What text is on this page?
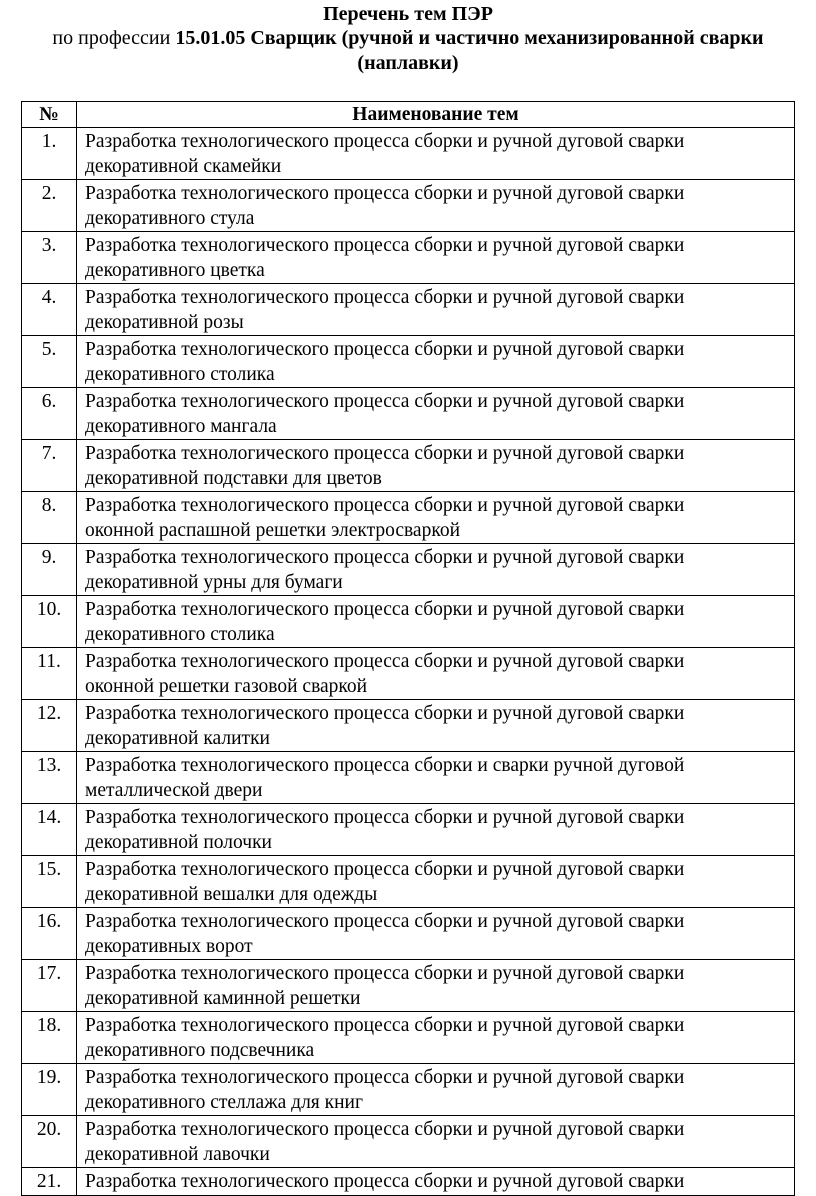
Перечень тем ПЭР
по профессии 15.01.05 Сварщик (ручной и частично механизированной сварки (наплавки)
№	Наименование тем
1.	Разработка технологического процесса сборки и ручной дуговой сварки
декоративной скамейки

2.	Разработка технологического процесса сборки и ручной дуговой сварки
декоративного стула

3.	Разработка технологического процесса сборки и ручной дуговой сварки
декоративного цветка

4.	Разработка технологического процесса сборки и ручной дуговой сварки
декоративной розы

5.	Разработка технологического процесса сборки и ручной дуговой сварки
декоративного столика

6.	Разработка технологического процесса сборки и ручной дуговой сварки
декоративного мангала

7.	Разработка технологического процесса сборки и ручной дуговой сварки
декоративной подставки для цветов

8.	Разработка технологического процесса сборки и ручной дуговой сварки
оконной распашной решетки электросваркой

9.	Разработка технологического процесса сборки и ручной дуговой сварки
декоративной урны для бумаги

10.	Разработка технологического процесса сборки и ручной дуговой сварки
декоративного столика

11.	Разработка технологического процесса сборки и ручной дуговой сварки
оконной решетки газовой сваркой

12.	Разработка технологического процесса сборки и ручной дуговой сварки
декоративной калитки

13.	Разработка технологического процесса сборки и сварки ручной дуговой
металлической двери

14.	Разработка технологического процесса сборки и ручной дуговой сварки
декоративной полочки

15.	Разработка технологического процесса сборки и ручной дуговой сварки
декоративной вешалки для одежды

16.	Разработка технологического процесса сборки и ручной дуговой сварки
декоративных ворот

17.	Разработка технологического процесса сборки и ручной дуговой сварки
декоративной каминной решетки

18.	Разработка технологического процесса сборки и ручной дуговой сварки
декоративного подсвечника

19.	Разработка технологического процесса сборки и ручной дуговой сварки
декоративного стеллажа для книг

20.	Разработка технологического процесса сборки и ручной дуговой сварки
декоративной лавочки

21.	Разработка технологического процесса сборки и ручной дуговой сварки
